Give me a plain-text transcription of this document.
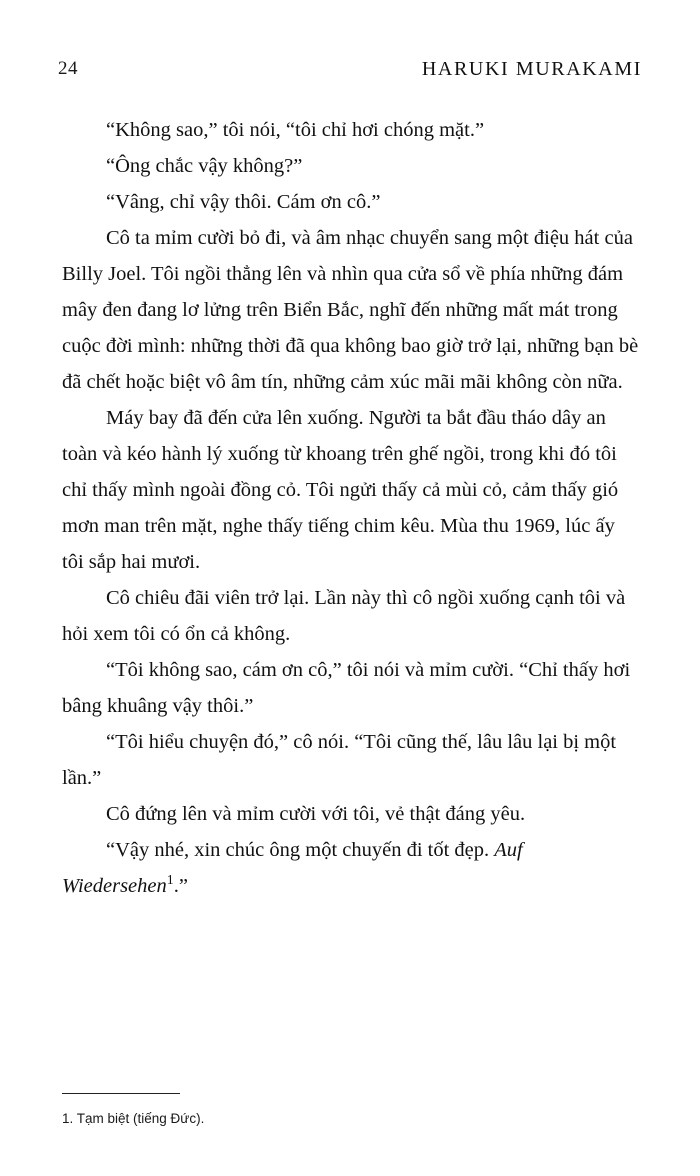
24	HARUKI MURAKAMI

“Không sao,” tôi nói, “tôi chỉ hơi chóng mặt.”

“Ông chắc vậy không?”

“Vâng, chỉ vậy thôi. Cám ơn cô.”

Cô ta mỉm cười bỏ đi, và âm nhạc chuyển sang một điệu hát của Billy Joel. Tôi ngồi thẳng lên và nhìn qua cửa sổ về phía những đám mây đen đang lơ lửng trên Biển Bắc, nghĩ đến những mất mát trong cuộc đời mình: những thời đã qua không bao giờ trở lại, những bạn bè đã chết hoặc biệt vô âm tín, những cảm xúc mãi mãi không còn nữa.

Máy bay đã đến cửa lên xuống. Người ta bắt đầu tháo dây an toàn và kéo hành lý xuống từ khoang trên ghế ngồi, trong khi đó tôi chỉ thấy mình ngoài đồng cỏ. Tôi ngửi thấy cả mùi cỏ, cảm thấy gió mơn man trên mặt, nghe thấy tiếng chim kêu. Mùa thu 1969, lúc ấy tôi sắp hai mươi.

Cô chiêu đãi viên trở lại. Lần này thì cô ngồi xuống cạnh tôi và hỏi xem tôi có ổn cả không.

“Tôi không sao, cám ơn cô,” tôi nói và mỉm cười. “Chỉ thấy hơi bâng khuâng vậy thôi.”

“Tôi hiểu chuyện đó,” cô nói. “Tôi cũng thế, lâu lâu lại bị một lần.”

Cô đứng lên và mỉm cười với tôi, vẻ thật đáng yêu.

“Vậy nhé, xin chúc ông một chuyến đi tốt đẹp. Auf Wiedersehen$^1$.”

1. Tạm biệt (tiếng Đức).
